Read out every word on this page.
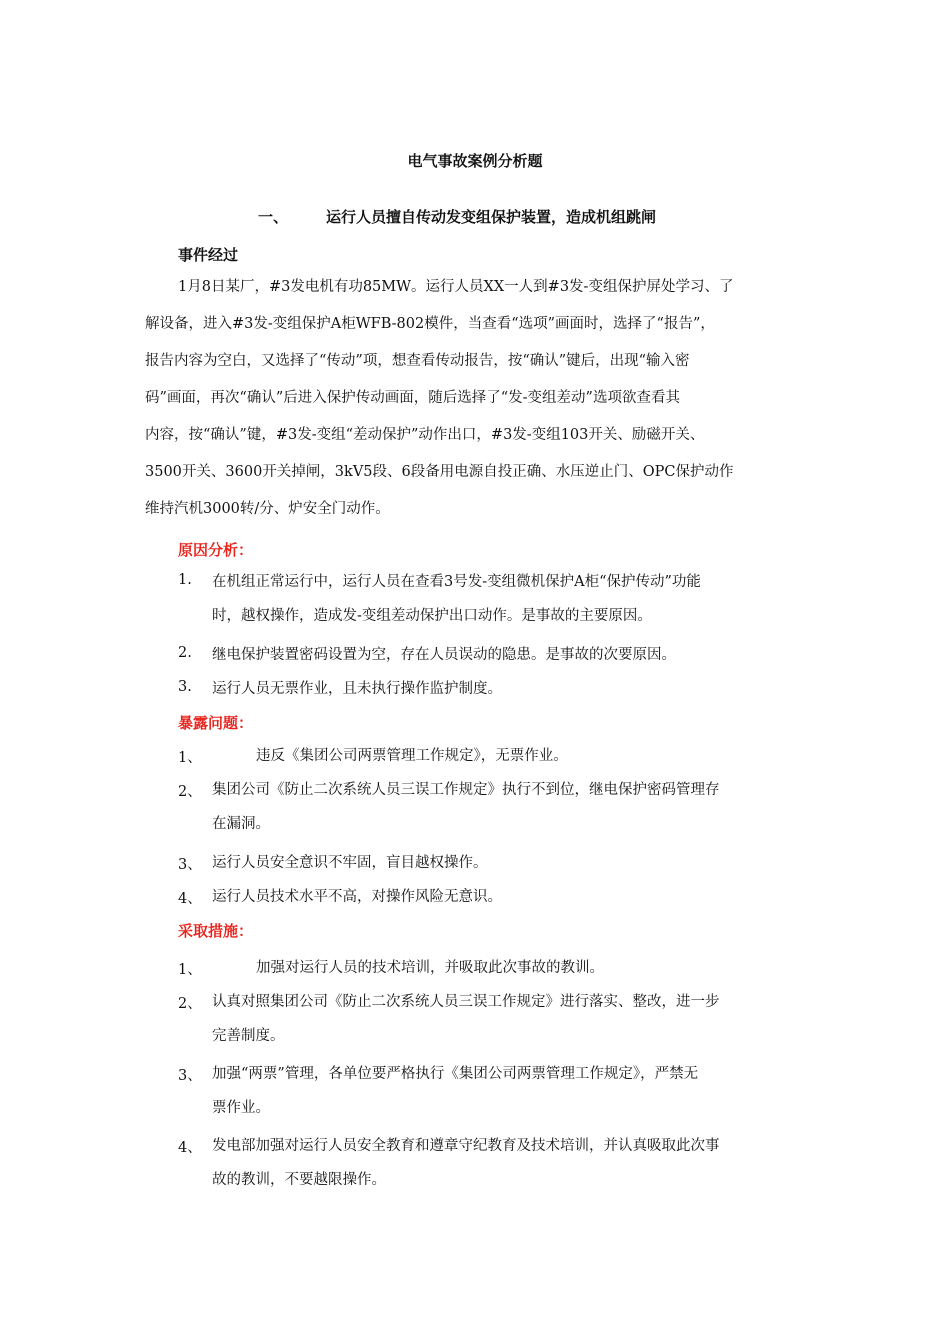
电气事故案例分析题
一、	运行人员擅自传动发变组保护装置，造成机组跳闸
事件经过
1月8日某厂，#3发电机有功85MW。运行人员XX一人到#3发-变组保护屏处学习、了
解设备，进入#3发-变组保护A柜WFB-802模件，当查看“选项”画面时，选择了“报告”，
报告内容为空白，又选择了“传动”项，想查看传动报告，按“确认”键后，出现“输入密
码”画面，再次“确认”后进入保护传动画面，随后选择了“发-变组差动”选项欲查看其
内容，按“确认”键，#3发-变组“差动保护”动作出口，#3发-变组103开关、励磁开关、
3500开关、3600开关掉闸，3kV5段、6段备用电源自投正确、水压逆止门、OPC保护动作
维持汽机3000转/分、炉安全门动作。
原因分析：
1. 在机组正常运行中，运行人员在查看3号发-变组微机保护A柜“保护传动”功能
时，越权操作，造成发-变组差动保护出口动作。是事故的主要原因。
2. 继电保护装置密码设置为空，存在人员误动的隐患。是事故的次要原因。
3. 运行人员无票作业，且未执行操作监护制度。
暴露问题：
1、	违反《集团公司两票管理工作规定》，无票作业。
2、 集团公司《防止二次系统人员三误工作规定》执行不到位，继电保护密码管理存
在漏洞。
3、 运行人员安全意识不牢固，盲目越权操作。
4、 运行人员技术水平不高，对操作风险无意识。
采取措施：
1、	加强对运行人员的技术培训，并吸取此次事故的教训。
2、 认真对照集团公司《防止二次系统人员三误工作规定》进行落实、整改，进一步
完善制度。
3、 加强“两票”管理，各单位要严格执行《集团公司两票管理工作规定》，严禁无
票作业。
4、 发电部加强对运行人员安全教育和遵章守纪教育及技术培训，并认真吸取此次事
故的教训，不要越限操作。
